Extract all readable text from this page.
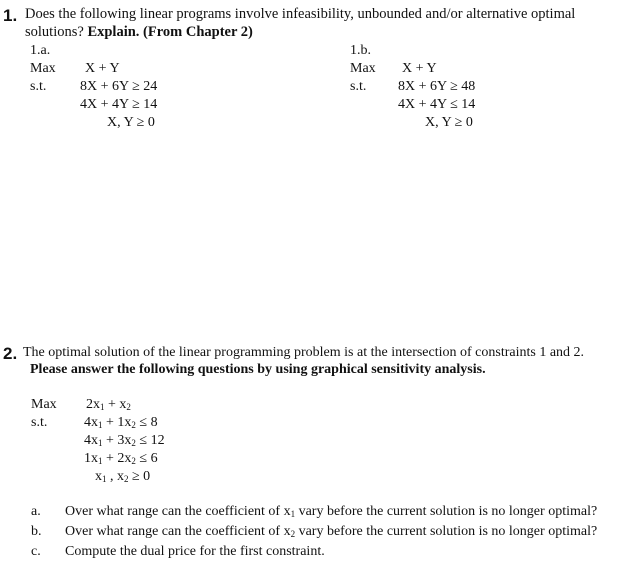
1. Does the following linear programs involve infeasibility, unbounded and/or alternative optimal
solutions? Explain. (From Chapter 2)
1.a.
Max X + Y
s.t. 8X + 6Y ≥ 24
4X + 4Y ≥ 14
X, Y ≥ 0
1.b.
Max X + Y
s.t. 8X + 6Y ≥ 48
4X + 4Y ≤ 14
X, Y ≥ 0
2. The optimal solution of the linear programming problem is at the intersection of constraints 1 and 2.
Please answer the following questions by using graphical sensitivity analysis.
Max
s.t.
$2x_1 + x_2$
$4x_1 + 1x_2 \le 8$
$4x_1 + 3x_2 \le 12$
$1x_1 + 2x_2 \le 6$
$x_1$ , $x_2 \ge 0$
a. Over what range can the coefficient of $x_1$ vary before the current solution is no longer optimal?
b. Over what range can the coefficient of $x_2$ vary before the current solution is no longer optimal?
c. Compute the dual price for the first constraint.
